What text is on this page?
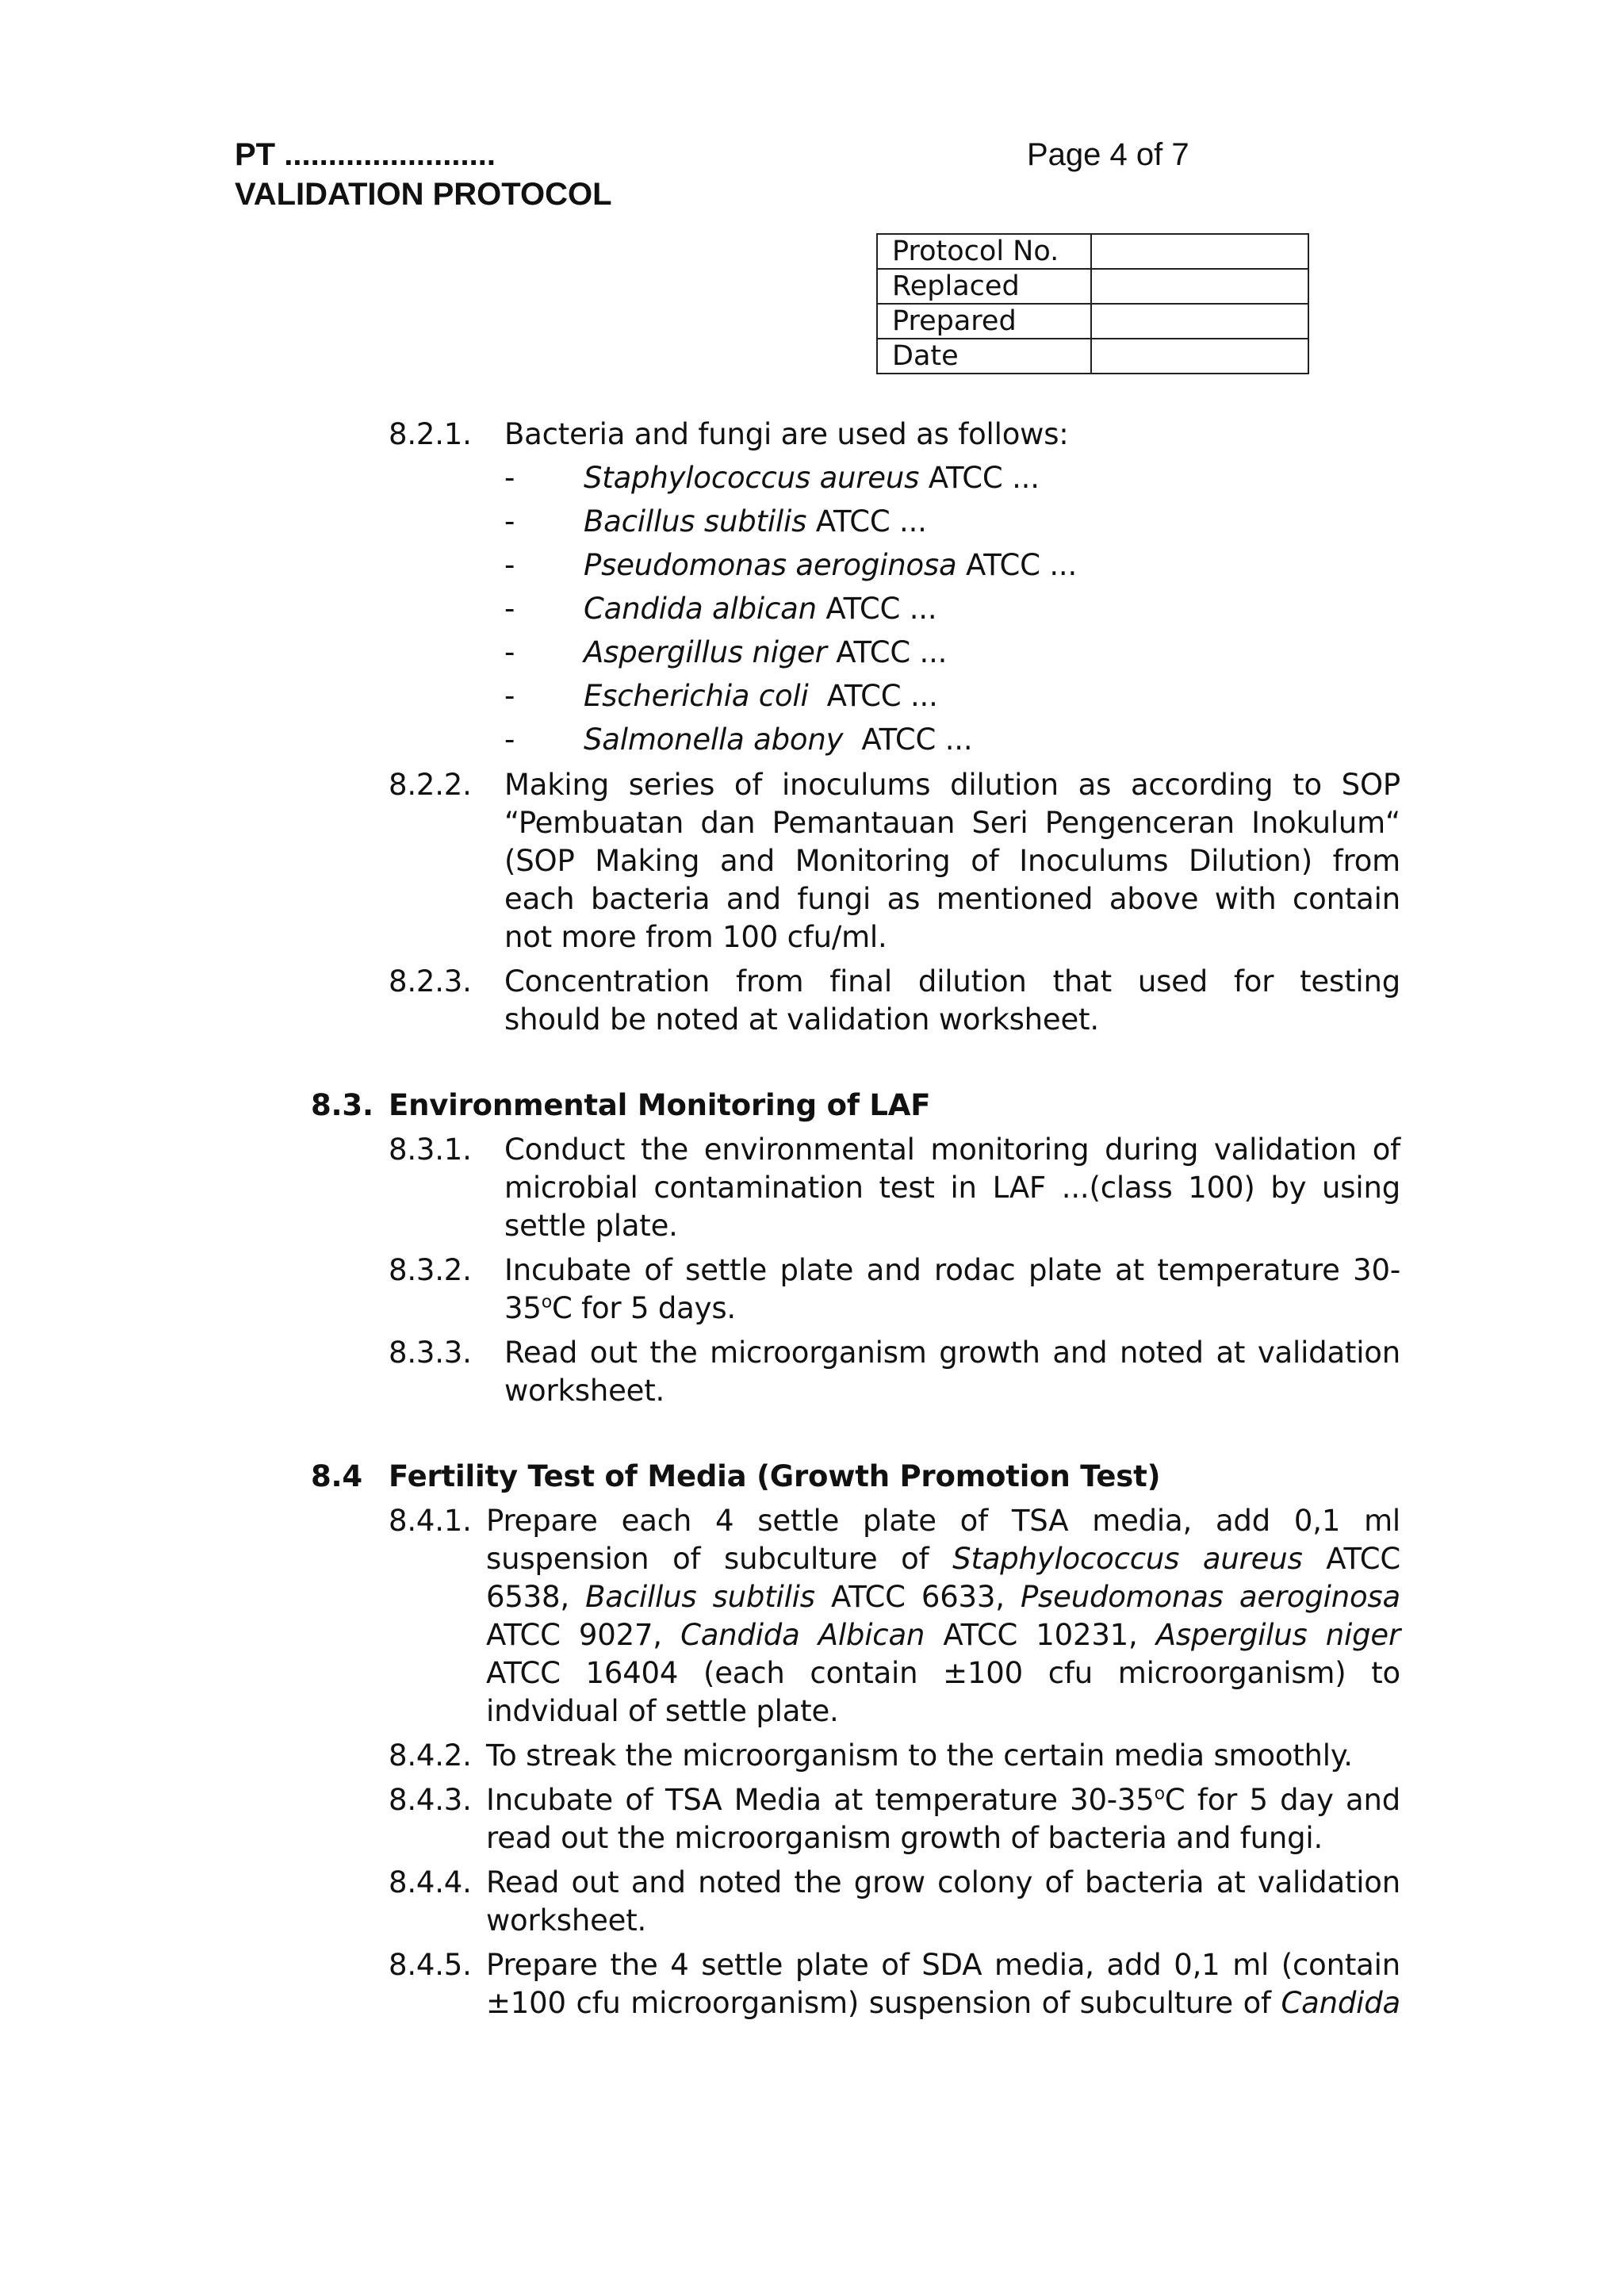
PT ........................
VALIDATION PROTOCOL
Page 4 of 7
Protocol No.	
Replaced	
Prepared	
Date	
8.2.1. Bacteria and fungi are used as follows:
- Staphylococcus aureus ATCC ...
- Bacillus subtilis ATCC ...
- Pseudomonas aeroginosa ATCC ...
- Candida albican ATCC ...
- Aspergillus niger ATCC ...
- Escherichia coli  ATCC ...
- Salmonella abony  ATCC ...
8.2.2. Making series of inoculums dilution as according to SOP
“Pembuatan dan Pemantauan Seri Pengenceran Inokulum“
(SOP Making and Monitoring of Inoculums Dilution) from
each bacteria and fungi as mentioned above with contain
not more from 100 cfu/ml.
8.2.3. Concentration from final dilution that used for testing
should be noted at validation worksheet.
8.3. Environmental Monitoring of LAF
8.3.1. Conduct the environmental monitoring during validation of
microbial contamination test in LAF ...(class 100) by using
settle plate.
8.3.2. Incubate of settle plate and rodac plate at temperature 30-
35$^o$C for 5 days.
8.3.3. Read out the microorganism growth and noted at validation
worksheet.
8.4 Fertility Test of Media (Growth Promotion Test)
8.4.1. Prepare each 4 settle plate of TSA media, add 0,1 ml
suspension of subculture of Staphylococcus aureus ATCC
6538, Bacillus subtilis ATCC 6633, Pseudomonas aeroginosa
ATCC 9027, Candida Albican ATCC 10231, Aspergilus niger
ATCC 16404 (each contain ±100 cfu microorganism) to
indvidual of settle plate.
8.4.2. To streak the microorganism to the certain media smoothly.
8.4.3. Incubate of TSA Media at temperature 30-35$^o$C for 5 day and
read out the microorganism growth of bacteria and fungi.
8.4.4. Read out and noted the grow colony of bacteria at validation
worksheet.
8.4.5. Prepare the 4 settle plate of SDA media, add 0,1 ml (contain
±100 cfu microorganism) suspension of subculture of Candida
